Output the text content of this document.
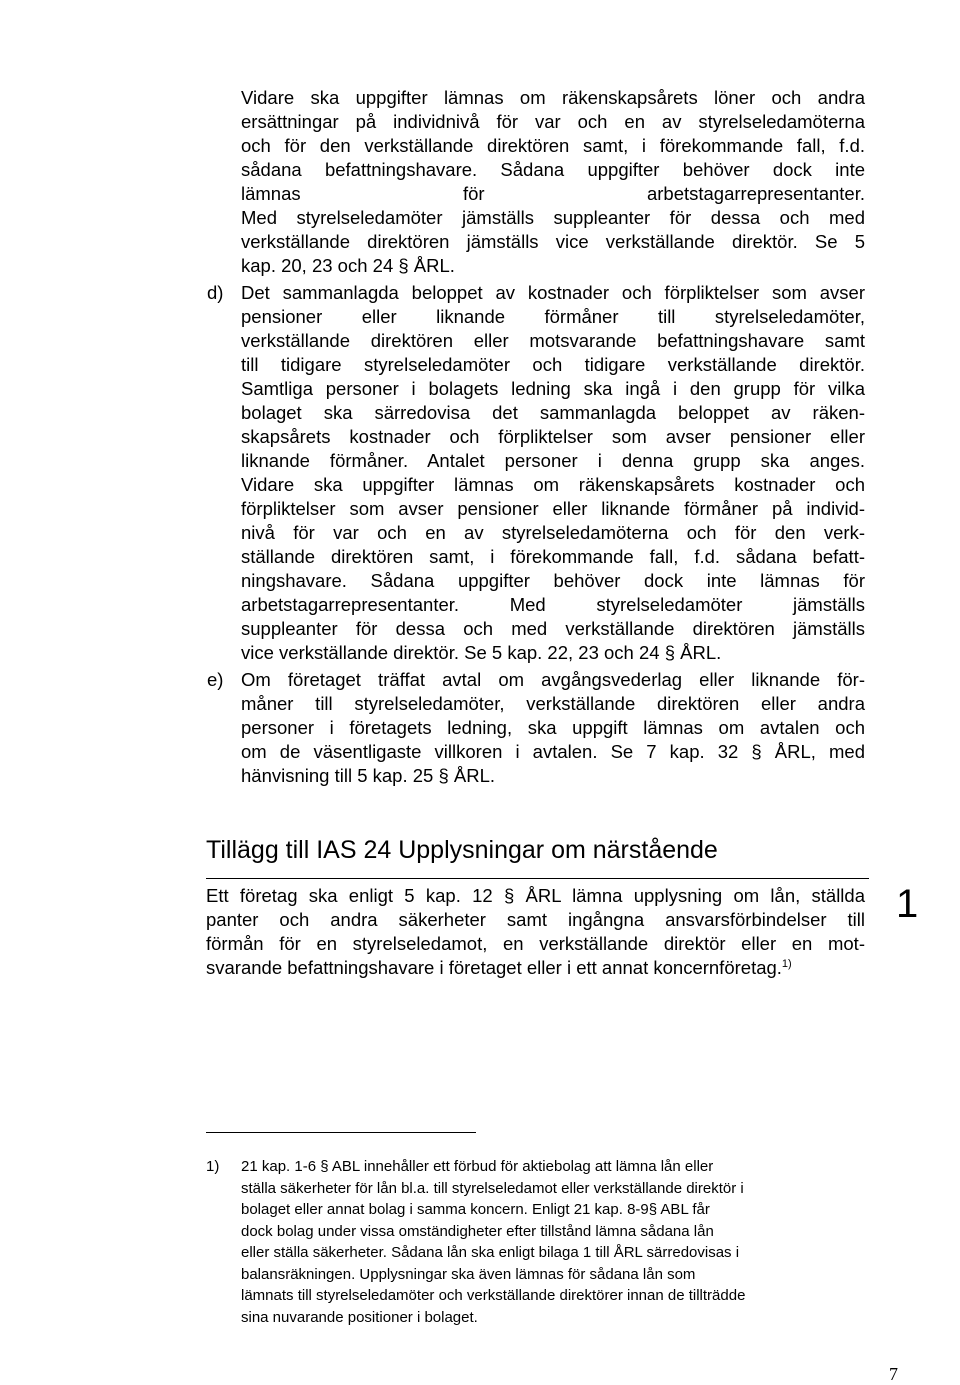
Vidare ska uppgifter lämnas om räkenskapsårets löner och andra
ersättningar på individnivå för var och en av styrelseledamöterna
och för den verkställande direktören samt, i förekommande fall, f.d.
sådana befattningshavare. Sådana uppgifter behöver dock inte
lämnas för arbetstagarrepresentanter.
Med styrelseledamöter jämställs suppleanter för dessa och med
verkställande direktören jämställs vice verkställande direktör. Se 5
kap. 20, 23 och 24 § ÅRL.
d) Det sammanlagda beloppet av kostnader och förpliktelser som avser
pensioner eller liknande förmåner till styrelseledamöter,
verkställande direktören eller motsvarande befattningshavare samt
till tidigare styrelseledamöter och tidigare verkställande direktör.
Samtliga personer i bolagets ledning ska ingå i den grupp för vilka
bolaget ska särredovisa det sammanlagda beloppet av räken-
skapsårets kostnader och förpliktelser som avser pensioner eller
liknande förmåner. Antalet personer i denna grupp ska anges.
Vidare ska uppgifter lämnas om räkenskapsårets kostnader och
förpliktelser som avser pensioner eller liknande förmåner på individ-
nivå för var och en av styrelseledamöterna och för den verk-
ställande direktören samt, i förekommande fall, f.d. sådana befatt-
ningshavare. Sådana uppgifter behöver dock inte lämnas för
arbetstagarrepresentanter. Med styrelseledamöter jämställs
suppleanter för dessa och med verkställande direktören jämställs
vice verkställande direktör. Se 5 kap. 22, 23 och 24 § ÅRL.
e) Om företaget träffat avtal om avgångsvederlag eller liknande för-
måner till styrelseledamöter, verkställande direktören eller andra
personer i företagets ledning, ska uppgift lämnas om avtalen och
om de väsentligaste villkoren i avtalen. Se 7 kap. 32 § ÅRL, med
hänvisning till 5 kap. 25 § ÅRL.
Tillägg till IAS 24 Upplysningar om närstående
1
Ett företag ska enligt 5 kap. 12 § ÅRL lämna upplysning om lån, ställda
panter och andra säkerheter samt ingångna ansvarsförbindelser till
förmån för en styrelseledamot, en verkställande direktör eller en mot-
svarande befattningshavare i företaget eller i ett annat koncernföretag.$^{1)}$
1) 21 kap. 1-6 § ABL innehåller ett förbud för aktiebolag att lämna lån eller
ställa säkerheter för lån bl.a. till styrelseledamot eller verkställande direktör i
bolaget eller annat bolag i samma koncern. Enligt 21 kap. 8-9§ ABL får
dock bolag under vissa omständigheter efter tillstånd lämna sådana lån
eller ställa säkerheter. Sådana lån ska enligt bilaga 1 till ÅRL särredovisas i
balansräkningen. Upplysningar ska även lämnas för sådana lån som
lämnats till styrelseledamöter och verkställande direktörer innan de tillträdde
sina nuvarande positioner i bolaget.
7
